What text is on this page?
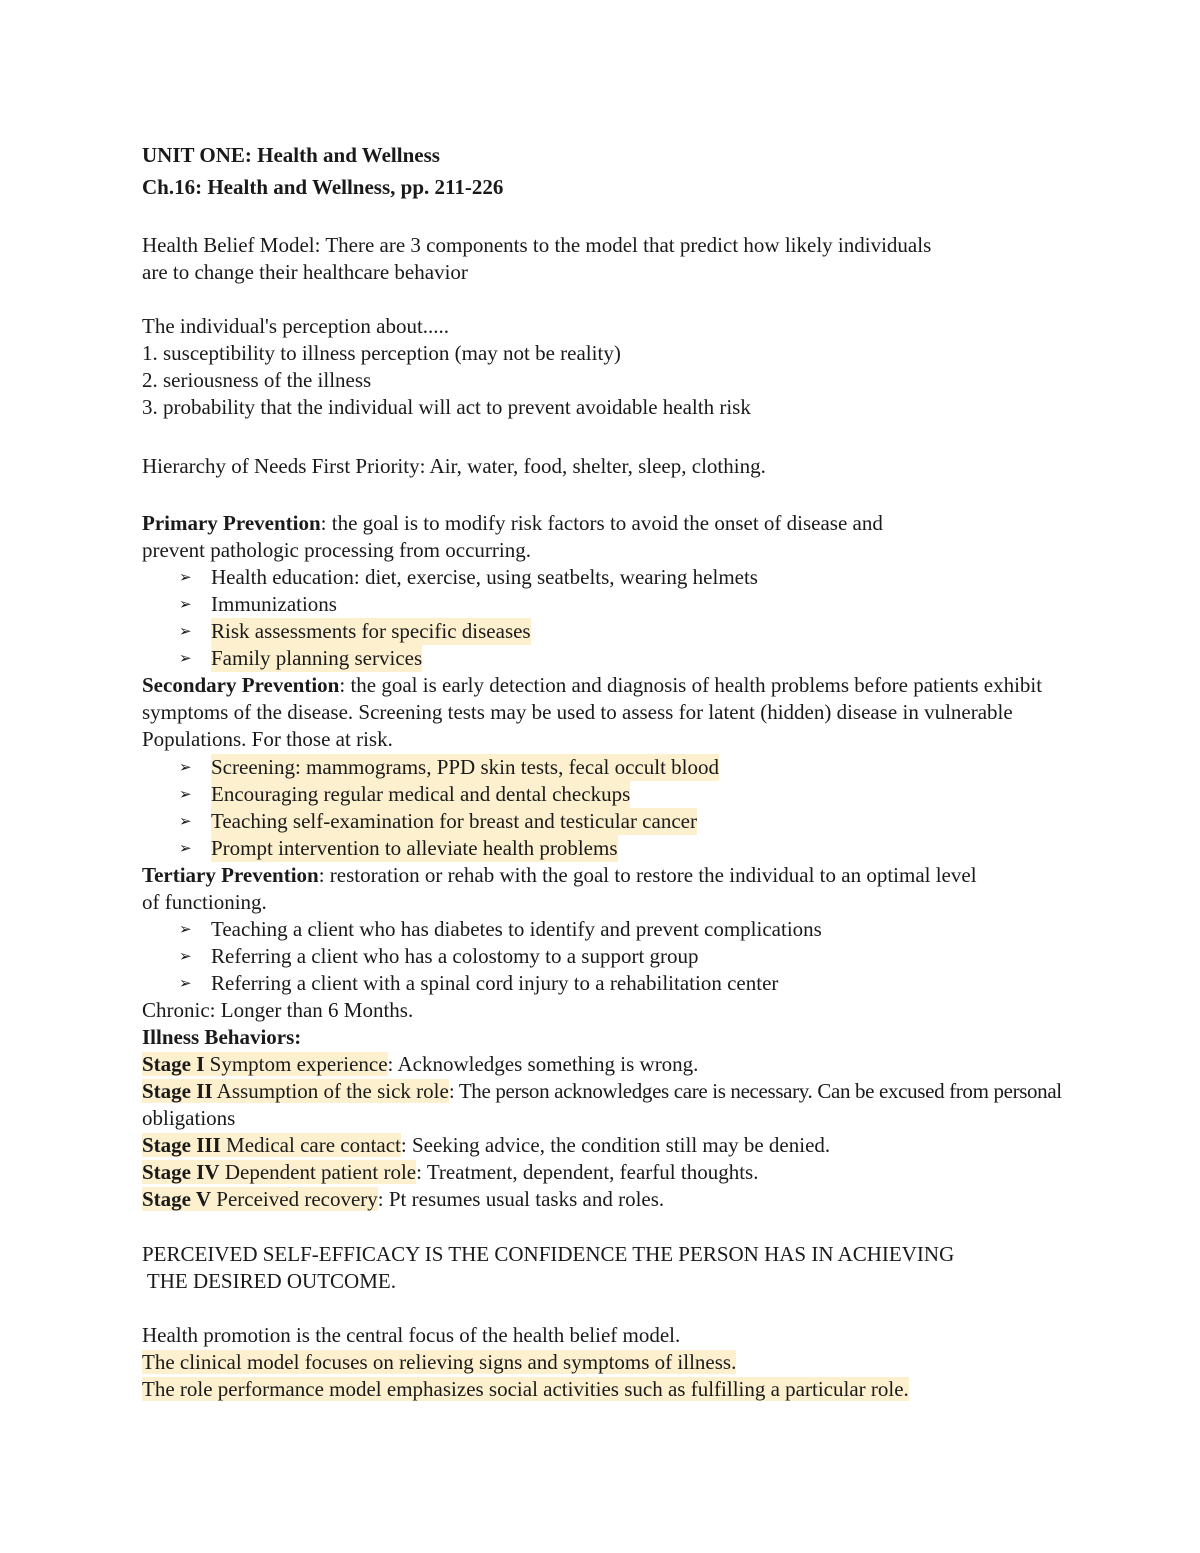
UNIT ONE: Health and Wellness
Ch.16: Health and Wellness, pp. 211-226
Health Belief Model: There are 3 components to the model that predict how likely individuals
are to change their healthcare behavior
The individual's perception about.....
1. susceptibility to illness perception (may not be reality)
2. seriousness of the illness
3. probability that the individual will act to prevent avoidable health risk
Hierarchy of Needs First Priority: Air, water, food, shelter, sleep, clothing.
Primary Prevention: the goal is to modify risk factors to avoid the onset of disease and
prevent pathologic processing from occurring.
➢ Health education: diet, exercise, using seatbelts, wearing helmets
➢ Immunizations
➢ Risk assessments for specific diseases
➢ Family planning services
Secondary Prevention: the goal is early detection and diagnosis of health problems before patients exhibit
symptoms of the disease. Screening tests may be used to assess for latent (hidden) disease in vulnerable
Populations. For those at risk.
➢ Screening: mammograms, PPD skin tests, fecal occult blood
➢ Encouraging regular medical and dental checkups
➢ Teaching self-examination for breast and testicular cancer
➢ Prompt intervention to alleviate health problems
Tertiary Prevention: restoration or rehab with the goal to restore the individual to an optimal level
of functioning.
➢ Teaching a client who has diabetes to identify and prevent complications
➢ Referring a client who has a colostomy to a support group
➢ Referring a client with a spinal cord injury to a rehabilitation center
Chronic: Longer than 6 Months.
Illness Behaviors:
Stage I Symptom experience: Acknowledges something is wrong.
Stage II Assumption of the sick role: The person acknowledges care is necessary. Can be excused from personal
obligations
Stage III Medical care contact: Seeking advice, the condition still may be denied.
Stage IV Dependent patient role: Treatment, dependent, fearful thoughts.
Stage V Perceived recovery: Pt resumes usual tasks and roles.
PERCEIVED SELF-EFFICACY IS THE CONFIDENCE THE PERSON HAS IN ACHIEVING
THE DESIRED OUTCOME.
Health promotion is the central focus of the health belief model.
The clinical model focuses on relieving signs and symptoms of illness.
The role performance model emphasizes social activities such as fulfilling a particular role.
